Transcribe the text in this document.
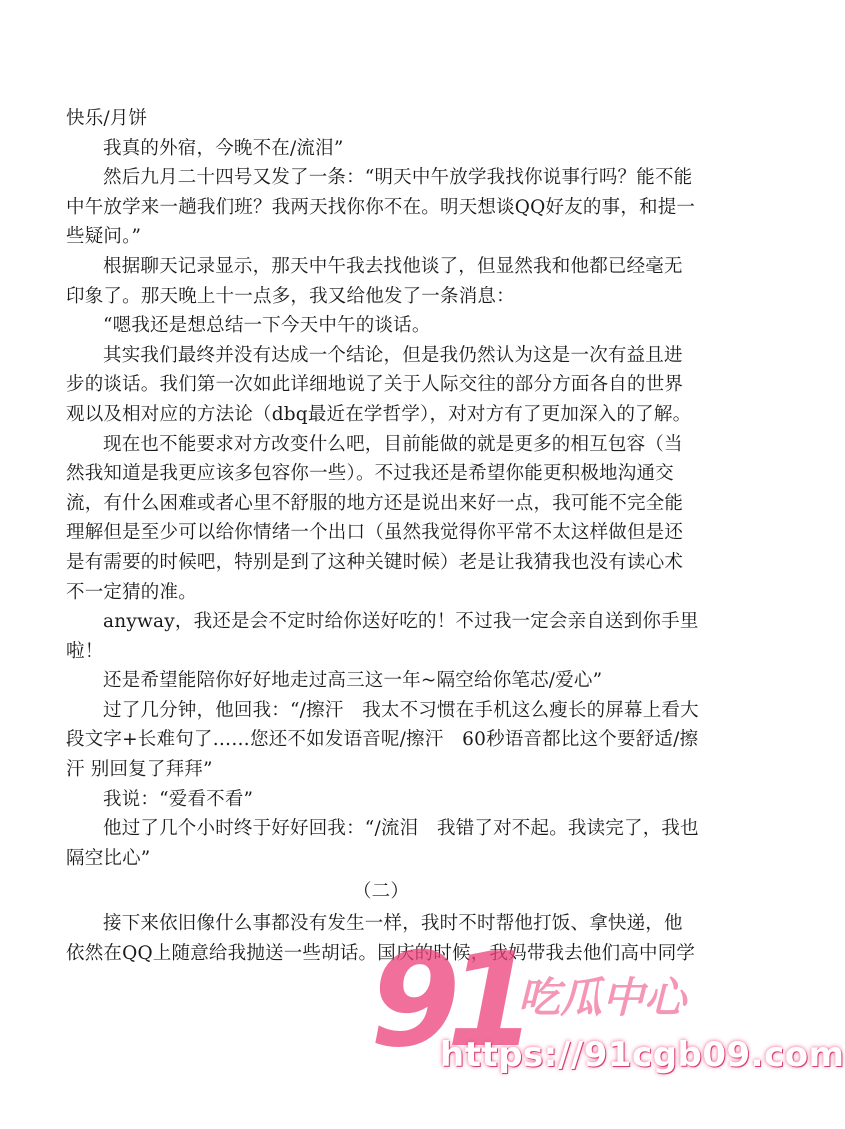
快乐/月饼

我真的外宿，今晚不在/流泪”

然后九月二十四号又发了一条：“明天中午放学我找你说事行吗？能不能

中午放学来一趟我们班？我两天找你你不在。明天想谈QQ好友的事，和提一

些疑问。”

根据聊天记录显示，那天中午我去找他谈了，但显然我和他都已经毫无

印象了。那天晚上十一点多，我又给他发了一条消息：

“嗯我还是想总结一下今天中午的谈话。

其实我们最终并没有达成一个结论，但是我仍然认为这是一次有益且进

步的谈话。我们第一次如此详细地说了关于人际交往的部分方面各自的世界

观以及相对应的方法论（dbq最近在学哲学），对对方有了更加深入的了解。

现在也不能要求对方改变什么吧，目前能做的就是更多的相互包容（当

然我知道是我更应该多包容你一些）。不过我还是希望你能更积极地沟通交

流，有什么困难或者心里不舒服的地方还是说出来好一点，我可能不完全能

理解但是至少可以给你情绪一个出口（虽然我觉得你平常不太这样做但是还

是有需要的时候吧，特别是到了这种关键时候）老是让我猜我也没有读心术

不一定猜的准。

anyway，我还是会不定时给你送好吃的！不过我一定会亲自送到你手里

啦！

还是希望能陪你好好地走过高三这一年~隔空给你笔芯/爱心”

过了几分钟，他回我：“/擦汗　我太不习惯在手机这么瘦长的屏幕上看大

段文字+长难句了……您还不如发语音呢/擦汗　60秒语音都比这个要舒适/擦

汗 别回复了拜拜”

我说：“爱看不看”

他过了几个小时终于好好回我：“/流泪　我错了对不起。我读完了，我也

隔空比心”

（二）

接下来依旧像什么事都没有发生一样，我时不时帮他打饭、拿快递，他

依然在QQ上随意给我抛送一些胡话。国庆的时候，我妈带我去他们高中同学

91
吃瓜中心
https://91cgb09.com
